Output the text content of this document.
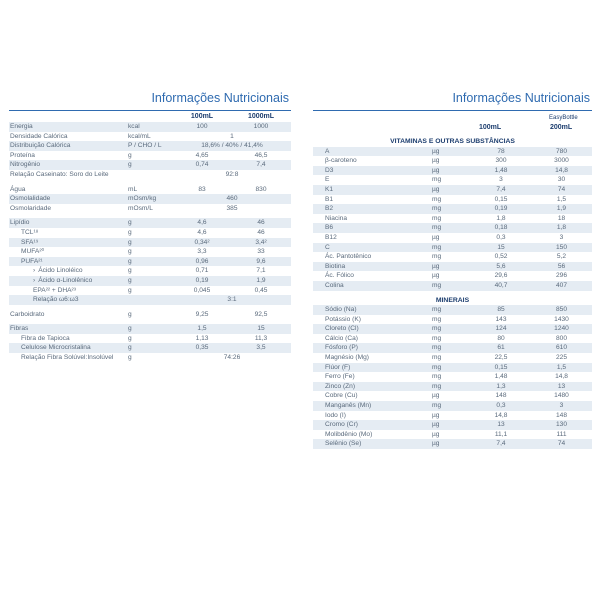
Informações Nutricionais
		100mL	1000mL
Energia	kcal	100	1000
Densidade Calórica	kcal/mL	1	
Distribuição Calórica	P / CHO / L	18,6% / 40% / 41,4%	
Proteína	g	4,65	46,5
Nitrogênio	g	0,74	7,4
Relação Caseinato: Soro do Leite		92:8	

Água	mL	83	830
Osmolalidade	mOsm/kg	460	
Osmolaridade	mOsm/L	385	

Lipídio	g	4,6	46
TCL¹⁸	g	4,6	46
SFA¹⁹	g	0,34²	3,4²
MUFA²⁰	g	3,3	33
PUFA²¹	g	0,96	9,6
› Ácido Linoléico	g	0,71	7,1
› Ácido α-Linolênico	g	0,19	1,9
EPA²² + DHA²³	g	0,045	0,45
Relação ω6:ω3		3:1	

Carboidrato	g	9,25	92,5

Fibras	g	1,5	15
Fibra de Tapioca	g	1,13	11,3
Celulose Microcristalina	g	0,35	3,5
Relação Fibra Solúvel:Insolúvel	g	74:26	
Informações Nutricionais
100mL
EasyBottle
200mL
VITAMINAS E OUTRAS SUBSTÂNCIAS			
A	µg	78	780
β-caroteno	µg	300	3000
D3	µg	1,48	14,8
E	mg	3	30
K1	µg	7,4	74
B1	mg	0,15	1,5
B2	mg	0,19	1,9
Niacina	mg	1,8	18
B6	mg	0,18	1,8
B12	µg	0,3	3
C	mg	15	150
Ác. Pantotênico	mg	0,52	5,2
Biotina	µg	5,6	56
Ác. Fólico	µg	29,6	296
Colina	mg	40,7	407

MINERAIS			
Sódio (Na)	mg	85	850
Potássio (K)	mg	143	1430
Cloreto (Cl)	mg	124	1240
Cálcio (Ca)	mg	80	800
Fósforo (P)	mg	61	610
Magnésio (Mg)	mg	22,5	225
Flúor (F)	mg	0,15	1,5
Ferro (Fe)	mg	1,48	14,8
Zinco (Zn)	mg	1,3	13
Cobre (Cu)	µg	148	1480
Manganês (Mn)	mg	0,3	3
Iodo (I)	µg	14,8	148
Cromo (Cr)	µg	13	130
Molibdênio (Mo)	µg	11,1	111
Selênio (Se)	µg	7,4	74
